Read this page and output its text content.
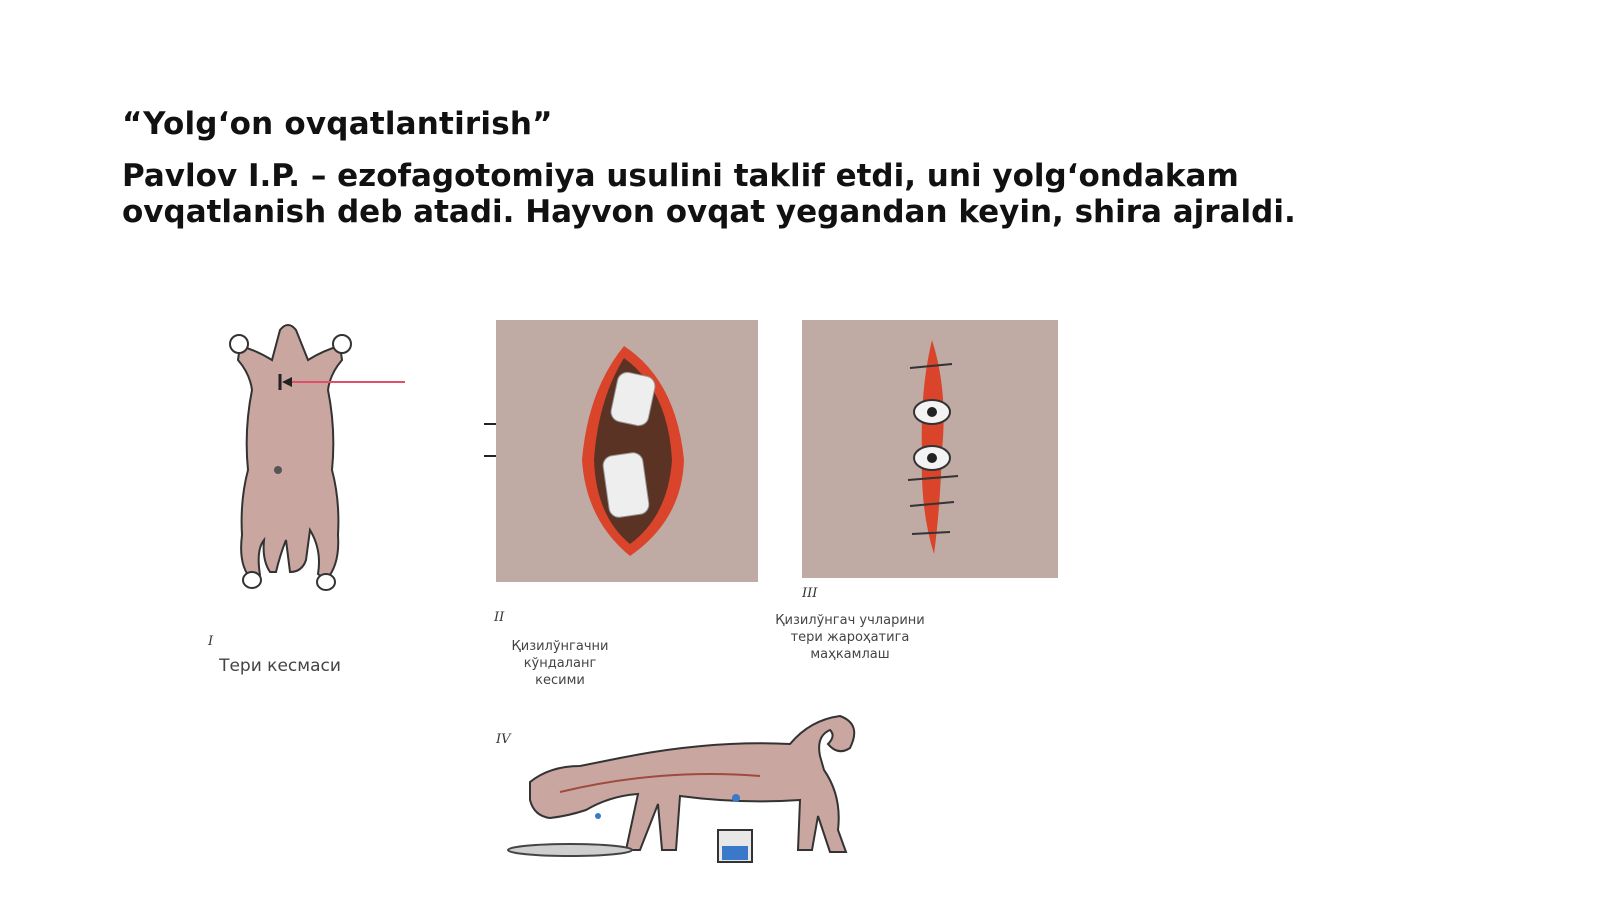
“Yolg‘on ovqatlantirish”
Pavlov I.P. – ezofagotomiya usulini taklif etdi, uni yolg‘ondakam
ovqatlanish deb atadi. Hayvon ovqat yegandan keyin, shira ajraldi.
I
Тери кесмаси
II
Қизилўнгачни
кўндаланг
кесими
III
Қизилўнгач учларини
тери жароҳатига
маҳкамлаш
IV
